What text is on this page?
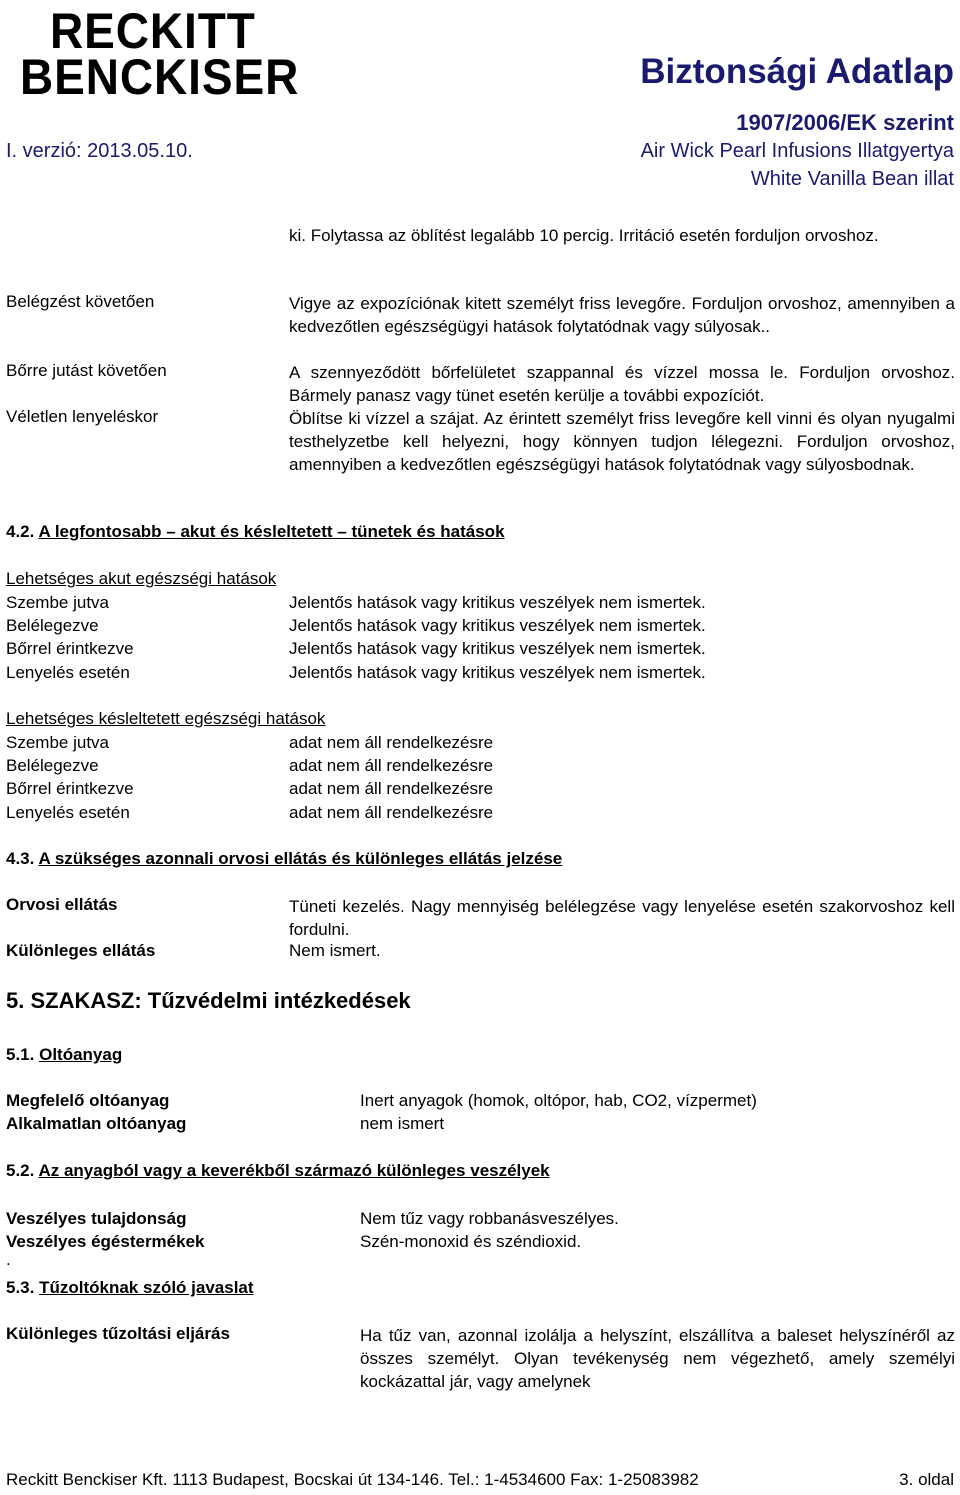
RECKITT
BENCKISER	Biztonsági Adatlap
1907/2006/EK szerint
I. verzió: 2013.05.10.	Air Wick Pearl Infusions Illatgyertya
White Vanilla Bean illat
ki. Folytassa az öblítést legalább 10 percig. Irritáció esetén forduljon orvoshoz.
Belégzést követően	Vigye az expozíciónak kitett személyt friss levegőre. Forduljon orvoshoz, amennyiben a kedvezőtlen egészségügyi hatások folytatódnak vagy súlyosak..
Bőrre jutást követően	A szennyeződött bőrfelületet szappannal és vízzel mossa le. Forduljon orvoshoz. Bármely panasz vagy tünet esetén kerülje a további expozíciót.
Véletlen lenyeléskor	Öblítse ki vízzel a szájat. Az érintett személyt friss levegőre kell vinni és olyan nyugalmi testhelyzetbe kell helyezni, hogy könnyen tudjon lélegezni. Forduljon orvoshoz, amennyiben a kedvezőtlen egészségügyi hatások folytatódnak vagy súlyosbodnak.
4.2. A legfontosabb – akut és késleltetett – tünetek és hatások
Lehetséges akut egészségi hatások
Szembe jutva	Jelentős hatások vagy kritikus veszélyek nem ismertek.
Belélegezve	Jelentős hatások vagy kritikus veszélyek nem ismertek.
Bőrrel érintkezve	Jelentős hatások vagy kritikus veszélyek nem ismertek.
Lenyelés esetén	Jelentős hatások vagy kritikus veszélyek nem ismertek.
Lehetséges késleltetett egészségi hatások
Szembe jutva	adat nem áll rendelkezésre
Belélegezve	adat nem áll rendelkezésre
Bőrrel érintkezve	adat nem áll rendelkezésre
Lenyelés esetén	adat nem áll rendelkezésre
4.3. A szükséges azonnali orvosi ellátás és különleges ellátás jelzése
Orvosi ellátás	Tüneti kezelés. Nagy mennyiség belélegzése vagy lenyelése esetén szakorvoshoz kell fordulni.
Különleges ellátás	Nem ismert.
5. SZAKASZ: Tűzvédelmi intézkedések
5.1. Oltóanyag
Megfelelő oltóanyag	Inert anyagok (homok, oltópor, hab, CO2, vízpermet)
Alkalmatlan oltóanyag	nem ismert
5.2. Az anyagból vagy a keverékből származó különleges veszélyek
Veszélyes tulajdonság	Nem tűz vagy robbanásveszélyes.
Veszélyes égéstermékek	Szén-monoxid és széndioxid.
.
5.3. Tűzoltóknak szóló javaslat
Különleges tűzoltási eljárás	Ha tűz van, azonnal izolálja a helyszínt, elszállítva a baleset helyszínéről az összes személyt. Olyan tevékenység nem végezhető, amely személyi kockázattal jár, vagy amelynek
Reckitt Benckiser Kft. 1113 Budapest, Bocskai út 134-146. Tel.: 1-4534600 Fax: 1-25083982	3. oldal
